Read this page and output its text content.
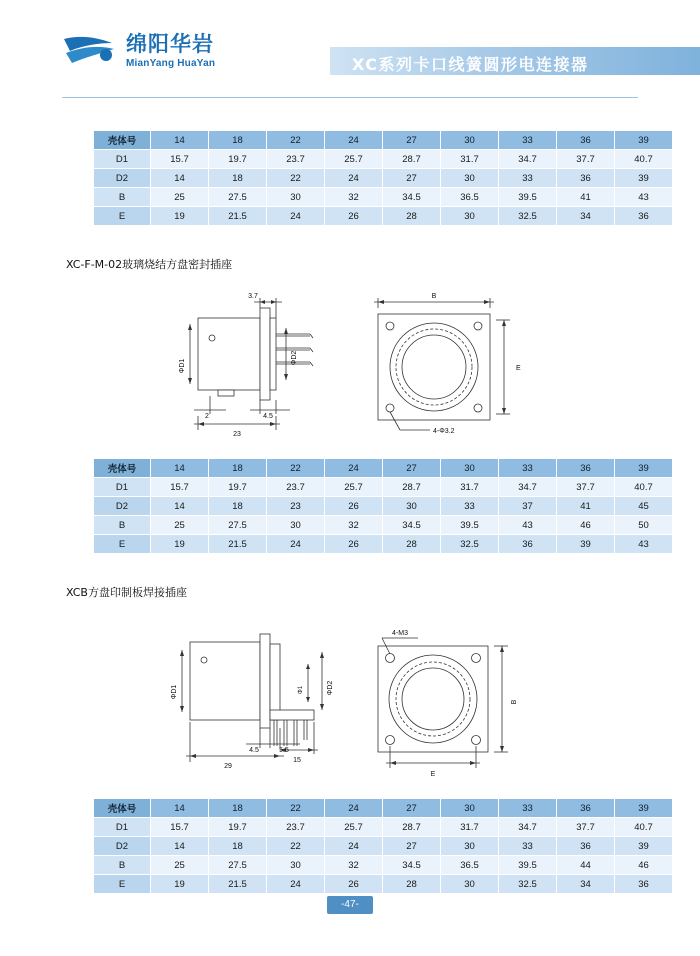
绵阳华岩
MianYang HuaYan	XC系列卡口线簧圆形电连接器
壳体号	14	18	22	24	27	30	33	36	39
D1	15.7	19.7	23.7	25.7	28.7	31.7	34.7	37.7	40.7
D2	14	18	22	24	27	30	33	36	39
B	25	27.5	30	32	34.5	36.5	39.5	41	43
E	19	21.5	24	26	28	30	32.5	34	36
XC-F-M-02玻璃烧结方盘密封插座
3.7
2	4.5
23
B
E
4-Φ3.2
ΦD1
ΦD2
壳体号	14	18	22	24	27	30	33	36	39
D1	15.7	19.7	23.7	25.7	28.7	31.7	34.7	37.7	40.7
D2	14	18	23	26	30	33	37	41	45
B	25	27.5	30	32	34.5	39.5	43	46	50
E	19	21.5	24	26	28	32.5	36	39	43
XCB方盘印制板焊接插座
4.5	5.5
29
15
4-M3
E
ΦD1	ΦD2
Φ1
B
壳体号	14	18	22	24	27	30	33	36	39
D1	15.7	19.7	23.7	25.7	28.7	31.7	34.7	37.7	40.7
D2	14	18	22	24	27	30	33	36	39
B	25	27.5	30	32	34.5	36.5	39.5	44	46
E	19	21.5	24	26	28	30	32.5	34	36
-47-
